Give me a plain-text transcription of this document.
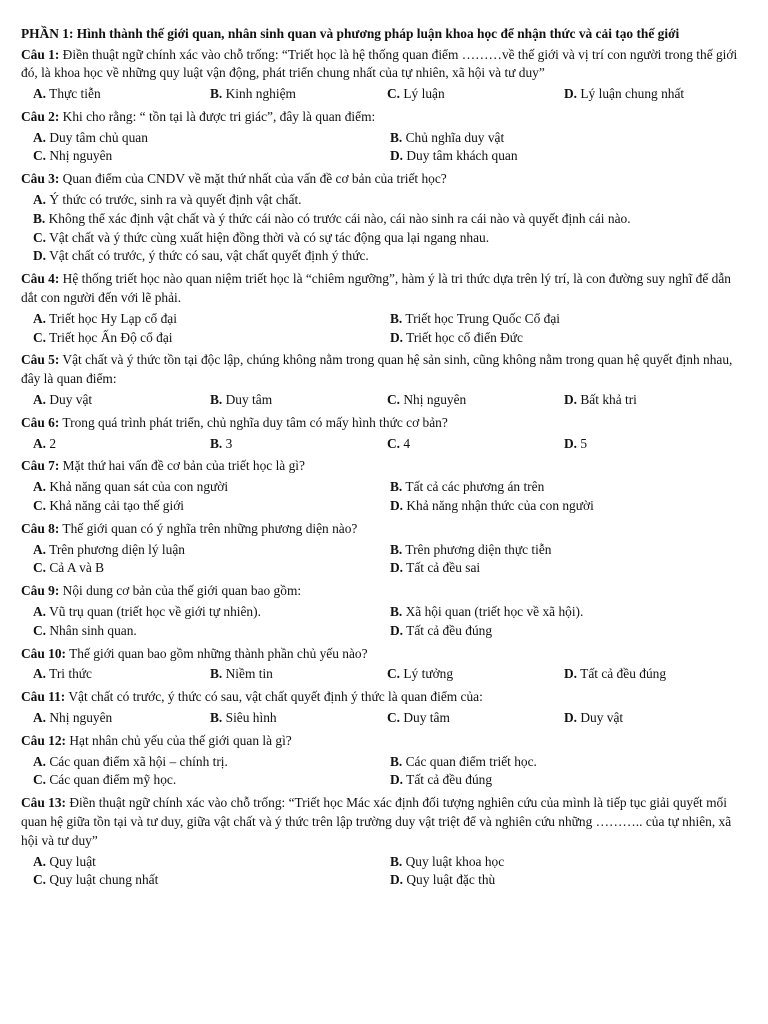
PHẦN 1: Hình thành thế giới quan, nhân sinh quan và phương pháp luận khoa học để nhận thức và cải tạo thế giới

Câu 1: Điền thuật ngữ chính xác vào chỗ trống: “Triết học là hệ thống quan điểm ………về thế giới và vị trí con người trong thế giới đó, là khoa học về những quy luật vận động, phát triển chung nhất của tự nhiên, xã hội và tư duy”

A. Thực tiễn	B. Kinh nghiệm	C. Lý luận	D. Lý luận chung nhất

Câu 2: Khi cho rằng: “ tồn tại là được tri giác”, đây là quan điểm:

A. Duy tâm chủ quan	B. Chủ nghĩa duy vật
C. Nhị nguyên	D. Duy tâm khách quan

Câu 3: Quan điểm của CNDV về mặt thứ nhất của vấn đề cơ bản của triết học?

A. Ý thức có trước, sinh ra và quyết định vật chất.
B. Không thể xác định vật chất và ý thức cái nào có trước cái nào, cái nào sinh ra cái nào và quyết định cái nào.
C. Vật chất và ý thức cùng xuất hiện đồng thời và có sự tác động qua lại ngang nhau.
D. Vật chất có trước, ý thức có sau, vật chất quyết định ý thức.

Câu 4: Hệ thống triết học nào quan niệm triết học là “chiêm ngưỡng”, hàm ý là tri thức dựa trên lý trí, là con đường suy nghĩ để dẫn dắt con người đến với lẽ phải.

A. Triết học Hy Lạp cổ đại	B. Triết học Trung Quốc Cổ đại
C. Triết học Ấn Độ cổ đại	D. Triết học cổ điển Đức

Câu 5: Vật chất và ý thức tồn tại độc lập, chúng không nằm trong quan hệ sản sinh, cũng không nằm trong quan hệ quyết định nhau, đây là quan điểm:

A. Duy vật	B. Duy tâm	C. Nhị nguyên	D. Bất khả tri

Câu 6: Trong quá trình phát triển, chủ nghĩa duy tâm có mấy hình thức cơ bản?

A. 2	B. 3	C. 4	D. 5

Câu 7: Mặt thứ hai vấn đề cơ bản của triết học là gì?

A. Khả năng quan sát của con người	B. Tất cả các phương án trên
C. Khả năng cải tạo thế giới	D. Khả năng nhận thức của con người

Câu 8: Thế giới quan có ý nghĩa trên những phương diện nào?

A. Trên phương diện lý luận	B. Trên phương diện thực tiễn
C. Cả A và B	D. Tất cả đều sai

Câu 9: Nội dung cơ bản của thế giới quan bao gồm:

A. Vũ trụ quan (triết học về giới tự nhiên).	B. Xã hội quan (triết học về xã hội).
C. Nhân sinh quan.	D. Tất cả đều đúng

Câu 10: Thế giới quan bao gồm những thành phần chủ yếu nào?

A. Tri thức	B. Niềm tin	C. Lý tưởng	D. Tất cả đều đúng

Câu 11: Vật chất có trước, ý thức có sau, vật chất quyết định ý thức là quan điểm của:

A. Nhị nguyên	B. Siêu hình	C. Duy tâm	D. Duy vật

Câu 12: Hạt nhân chủ yếu của thế giới quan là gì?

A. Các quan điểm xã hội – chính trị.	B. Các quan điểm triết học.
C. Các quan điểm mỹ học.	D. Tất cả đều đúng

Câu 13: Điền thuật ngữ chính xác vào chỗ trống: “Triết học Mác xác định đối tượng nghiên cứu của mình là tiếp tục giải quyết mối quan hệ giữa tồn tại và tư duy, giữa vật chất và ý thức trên lập trường duy vật triệt để và nghiên cứu những ……….. của tự nhiên, xã hội và tư duy”

A. Quy luật	B. Quy luật khoa học
C. Quy luật chung nhất	D. Quy luật đặc thù
